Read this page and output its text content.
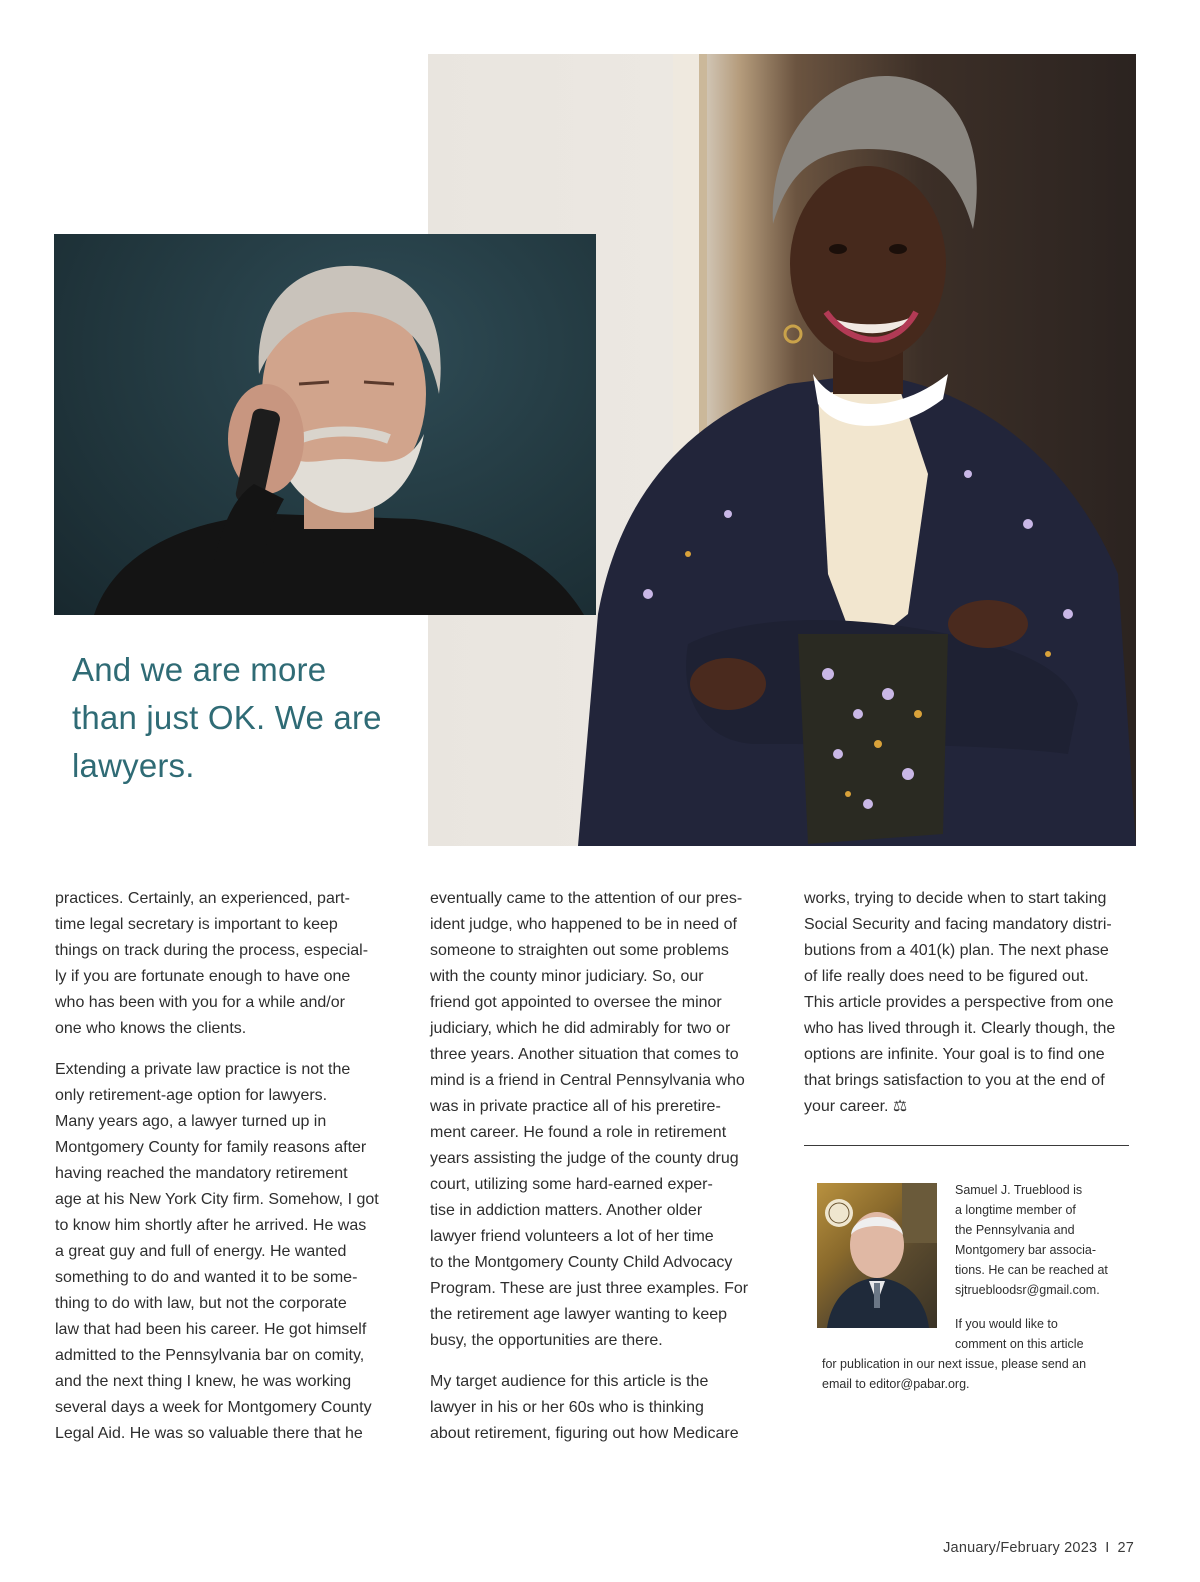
And we are more than just OK. We are lawyers.

practices. Certainly, an experienced, part-
time legal secretary is important to keep
things on track during the process, especial-
ly if you are fortunate enough to have one
who has been with you for a while and/or
one who knows the clients.

Extending a private law practice is not the
only retirement-age option for lawyers.
Many years ago, a lawyer turned up in
Montgomery County for family reasons after
having reached the mandatory retirement
age at his New York City firm. Somehow, I got
to know him shortly after he arrived. He was
a great guy and full of energy. He wanted
something to do and wanted it to be some-
thing to do with law, but not the corporate
law that had been his career. He got himself
admitted to the Pennsylvania bar on comity,
and the next thing I knew, he was working
several days a week for Montgomery County
Legal Aid. He was so valuable there that he

eventually came to the attention of our pres-
ident judge, who happened to be in need of
someone to straighten out some problems
with the county minor judiciary. So, our
friend got appointed to oversee the minor
judiciary, which he did admirably for two or
three years. Another situation that comes to
mind is a friend in Central Pennsylvania who
was in private practice all of his preretire-
ment career. He found a role in retirement
years assisting the judge of the county drug
court, utilizing some hard-earned exper-
tise in addiction matters. Another older
lawyer friend volunteers a lot of her time
to the Montgomery County Child Advocacy
Program. These are just three examples. For
the retirement age lawyer wanting to keep
busy, the opportunities are there.

My target audience for this article is the
lawyer in his or her 60s who is thinking
about retirement, figuring out how Medicare

works, trying to decide when to start taking
Social Security and facing mandatory distri-
butions from a 401(k) plan. The next phase
of life really does need to be figured out.
This article provides a perspective from one
who has lived through it. Clearly though, the
options are infinite. Your goal is to find one
that brings satisfaction to you at the end of
your career. ⚖

Samuel J. Trueblood is
a longtime member of
the Pennsylvania and
Montgomery bar associa-
tions. He can be reached at
sjtruebloodsr@gmail.com.
If you would like to
comment on this article
for publication in our next issue, please send an
email to editor@pabar.org.
January/February 2023 I 27
